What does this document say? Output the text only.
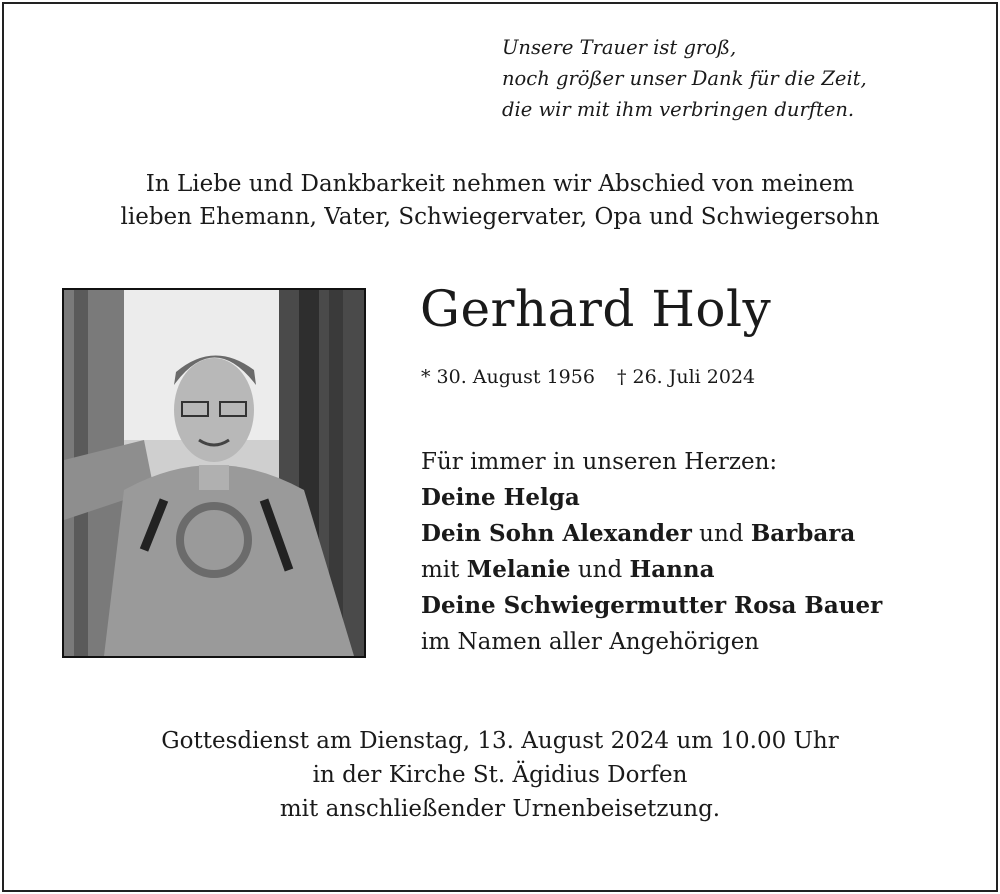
Unsere Trauer ist groß,
noch größer unser Dank für die Zeit,
die wir mit ihm verbringen durften.
In Liebe und Dankbarkeit nehmen wir Abschied von meinem
lieben Ehemann, Vater, Schwiegervater, Opa und Schwiegersohn
Gerhard Holy
* 30. August 1956 † 26. Juli 2024
Für immer in unseren Herzen:
Deine Helga
Dein Sohn Alexander und Barbara
mit Melanie und Hanna
Deine Schwiegermutter Rosa Bauer
im Namen aller Angehörigen
Gottesdienst am Dienstag, 13. August 2024 um 10.00 Uhr
in der Kirche St. Ägidius Dorfen
mit anschließender Urnenbeisetzung.
